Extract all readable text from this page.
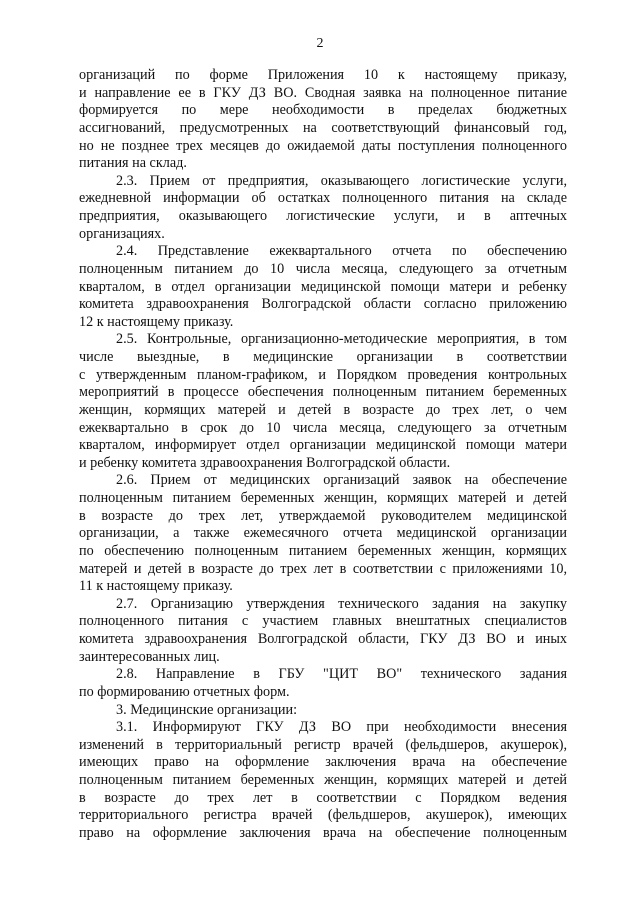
2
организаций по форме Приложения 10 к настоящему приказу,
и направление ее в ГКУ ДЗ ВО. Сводная заявка на полноценное питание
формируется по мере необходимости в пределах бюджетных
ассигнований, предусмотренных на соответствующий финансовый год,
но не позднее трех месяцев до ожидаемой даты поступления полноценного
питания на склад.
2.3. Прием от предприятия, оказывающего логистические услуги,
ежедневной информации об остатках полноценного питания на складе
предприятия, оказывающего логистические услуги, и в аптечных
организациях.
2.4. Представление ежеквартального отчета по обеспечению
полноценным питанием до 10 числа месяца, следующего за отчетным
кварталом, в отдел организации медицинской помощи матери и ребенку
комитета здравоохранения Волгоградской области согласно приложению
12 к настоящему приказу.
2.5. Контрольные, организационно-методические мероприятия, в том
числе выездные, в медицинские организации в соответствии
с утвержденным планом-графиком, и Порядком проведения контрольных
мероприятий в процессе обеспечения полноценным питанием беременных
женщин, кормящих матерей и детей в возрасте до трех лет, о чем
ежеквартально в срок до 10 числа месяца, следующего за отчетным
кварталом, информирует отдел организации медицинской помощи матери
и ребенку комитета здравоохранения Волгоградской области.
2.6. Прием от медицинских организаций заявок на обеспечение
полноценным питанием беременных женщин, кормящих матерей и детей
в возрасте до трех лет, утверждаемой руководителем медицинской
организации, а также ежемесячного отчета медицинской организации
по обеспечению полноценным питанием беременных женщин, кормящих
матерей и детей в возрасте до трех лет в соответствии с приложениями 10,
11 к настоящему приказу.
2.7. Организацию утверждения технического задания на закупку
полноценного питания с участием главных внештатных специалистов
комитета здравоохранения Волгоградской области, ГКУ ДЗ ВО и иных
заинтересованных лиц.
2.8. Направление в ГБУ "ЦИТ ВО" технического задания
по формированию отчетных форм.
3. Медицинские организации:
3.1. Информируют ГКУ ДЗ ВО при необходимости внесения
изменений в территориальный регистр врачей (фельдшеров, акушерок),
имеющих право на оформление заключения врача на обеспечение
полноценным питанием беременных женщин, кормящих матерей и детей
в возрасте до трех лет в соответствии с Порядком ведения
территориального регистра врачей (фельдшеров, акушерок), имеющих
право на оформление заключения врача на обеспечение полноценным
